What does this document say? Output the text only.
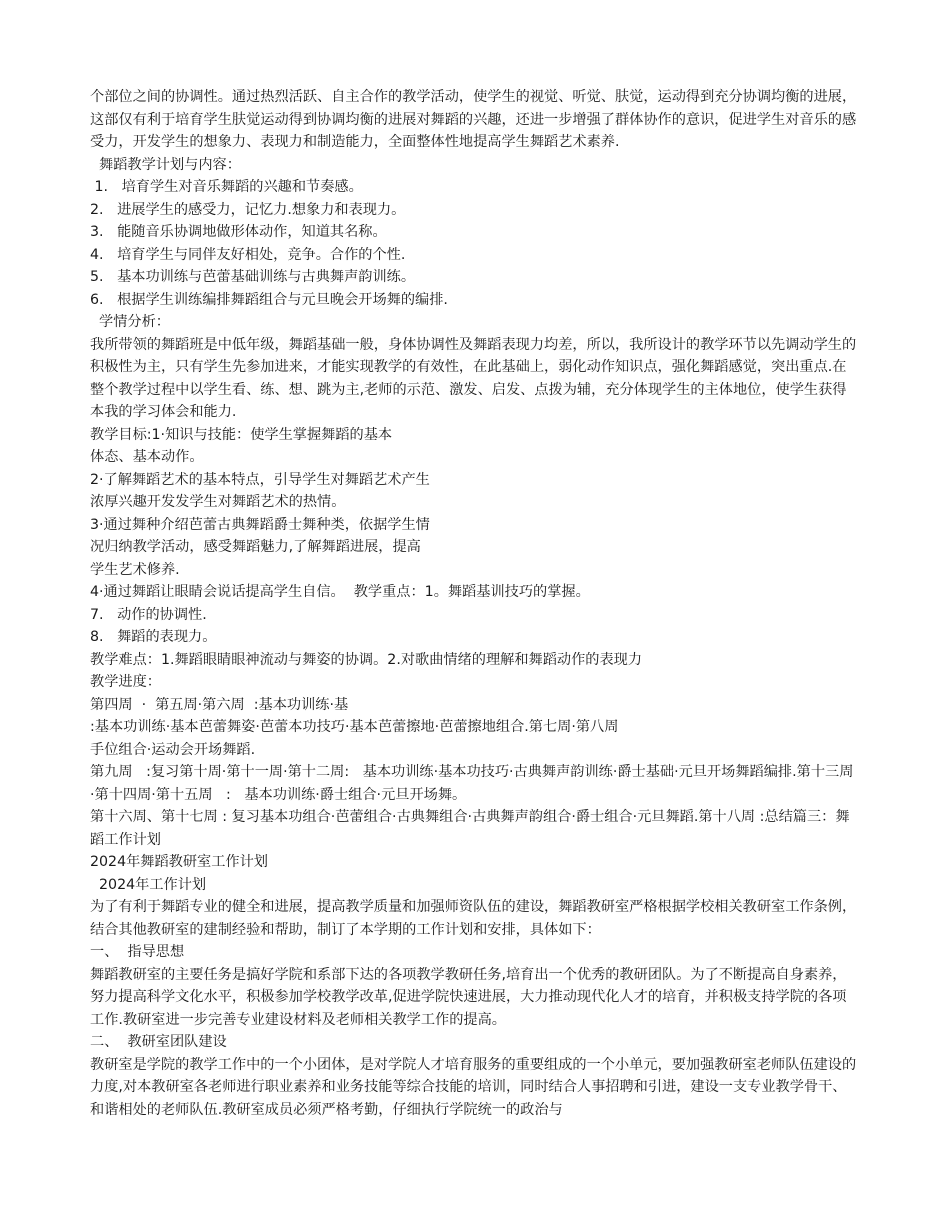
个部位之间的协调性。通过热烈活跃、自主合作的教学活动，使学生的视觉、听觉、肤觉，运动得到充分协调均衡的进展，这部仅有利于培育学生肤觉运动得到协调均衡的进展对舞蹈的兴趣，还进一步增强了群体协作的意识，促进学生对音乐的感受力，开发学生的想象力、表现力和制造能力，全面整体性地提高学生舞蹈艺术素养.

舞蹈教学计划与内容：

1.   培育学生对音乐舞蹈的兴趣和节奏感。

2.   进展学生的感受力，记忆力.想象力和表现力。

3.   能随音乐协调地做形体动作，知道其名称。

4.   培育学生与同伴友好相处，竞争。合作的个性.

5.   基本功训练与芭蕾基础训练与古典舞声韵训练。

6.   根据学生训练编排舞蹈组合与元旦晚会开场舞的编排.

学情分析：

我所带领的舞蹈班是中低年级，舞蹈基础一般，身体协调性及舞蹈表现力均差，所以，我所设计的教学环节以先调动学生的积极性为主，只有学生先参加进来，才能实现教学的有效性，在此基础上，弱化动作知识点，强化舞蹈感觉，突出重点.在整个教学过程中以学生看、练、想、跳为主,老师的示范、激发、启发、点拨为辅，充分体现学生的主体地位，使学生获得本我的学习体会和能力.

教学目标:1·知识与技能：使学生掌握舞蹈的基本

体态、基本动作。

2·了解舞蹈艺术的基本特点，引导学生对舞蹈艺术产生

浓厚兴趣开发发学生对舞蹈艺术的热情。

3·通过舞种介绍芭蕾古典舞蹈爵士舞种类，依据学生情

况归纳教学活动，感受舞蹈魅力,了解舞蹈进展，提高

学生艺术修养.

4·通过舞蹈让眼睛会说话提高学生自信。  教学重点：1。舞蹈基训技巧的掌握。

7.   动作的协调性.

8.   舞蹈的表现力。

教学难点：1.舞蹈眼睛眼神流动与舞姿的协调。2.对歌曲情绪的理解和舞蹈动作的表现力

教学进度：

第四周  ·  第五周·第六周  :基本功训练·基

:基本功训练·基本芭蕾舞姿·芭蕾本功技巧·基本芭蕾擦地·芭蕾擦地组合.第七周·第八周

手位组合·运动会开场舞蹈.

第九周   :复习第十周·第十一周·第十二周:   基本功训练·基本功技巧·古典舞声韵训练·爵士基础·元旦开场舞蹈编排.第十三周  ·第十四周·第十五周   :   基本功训练·爵士组合·元旦开场舞。

第十六周、第十七周 : 复习基本功组合·芭蕾组合·古典舞组合·古典舞声韵组合·爵士组合·元旦舞蹈.第十八周 :总结篇三：舞蹈工作计划

2024年舞蹈教研室工作计划

2024年工作计划

为了有利于舞蹈专业的健全和进展，提高教学质量和加强师资队伍的建设，舞蹈教研室严格根据学校相关教研室工作条例，结合其他教研室的建制经验和帮助，制订了本学期的工作计划和安排，具体如下：

一、  指导思想

舞蹈教研室的主要任务是搞好学院和系部下达的各项教学教研任务,培育出一个优秀的教研团队。为了不断提高自身素养，努力提高科学文化水平，积极参加学校教学改革,促进学院快速进展，大力推动现代化人才的培育，并积极支持学院的各项工作.教研室进一步完善专业建设材料及老师相关教学工作的提高。

二、  教研室团队建设

教研室是学院的教学工作中的一个小团体，是对学院人才培育服务的重要组成的一个小单元，要加强教研室老师队伍建设的力度,对本教研室各老师进行职业素养和业务技能等综合技能的培训，同时结合人事招聘和引进，建设一支专业教学骨干、和谐相处的老师队伍.教研室成员必须严格考勤，仔细执行学院统一的政治与
